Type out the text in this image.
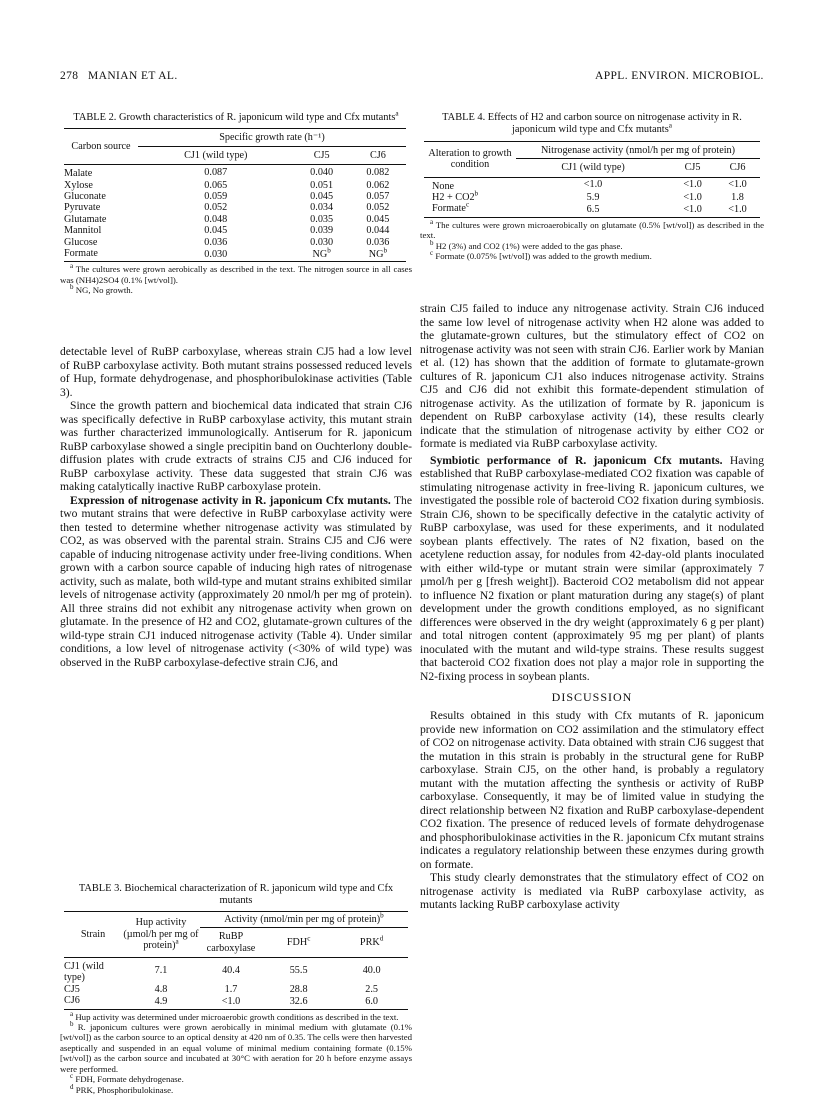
278 MANIAN ET AL.	APPL. ENVIRON. MICROBIOL.
TABLE 2. Growth characteristics of R. japonicum wild type and Cfx mutants$^a$
Carbon source	Specific growth rate (h⁻¹)		
	CJ1 (wild type)	CJ5	CJ6
Malate	0.087	0.040	0.082
Xylose	0.065	0.051	0.062
Gluconate	0.059	0.045	0.057
Pyruvate	0.052	0.034	0.052
Glutamate	0.048	0.035	0.045
Mannitol	0.045	0.039	0.044
Glucose	0.036	0.030	0.036
Formate	0.030	$NG^b$	$NG^b$

$^a$ The cultures were grown aerobically as described in the text. The nitrogen source in all cases was (NH4)2SO4 (0.1% [wt/vol]).
$^b$ NG, No growth.

detectable level of RuBP carboxylase, whereas strain CJ5 had a low level of RuBP carboxylase activity. Both mutant strains possessed reduced levels of Hup, formate dehydrogenase, and phosphoribulokinase activities (Table 3).

Since the growth pattern and biochemical data indicated that strain CJ6 was specifically defective in RuBP carboxylase activity, this mutant strain was further characterized immunologically. Antiserum for R. japonicum RuBP carboxylase showed a single precipitin band on Ouchterlony double-diffusion plates with crude extracts of strains CJ5 and CJ6 induced for RuBP carboxylase activity. These data suggested that strain CJ6 was making catalytically inactive RuBP carboxylase protein.

Expression of nitrogenase activity in R. japonicum Cfx mutants. The two mutant strains that were defective in RuBP carboxylase activity were then tested to determine whether nitrogenase activity was stimulated by CO2, as was observed with the parental strain. Strains CJ5 and CJ6 were capable of inducing nitrogenase activity under free-living conditions. When grown with a carbon source capable of inducing high rates of nitrogenase activity, such as malate, both wild-type and mutant strains exhibited similar levels of nitrogenase activity (approximately 20 nmol/h per mg of protein). All three strains did not exhibit any nitrogenase activity when grown on glutamate. In the presence of H2 and CO2, glutamate-grown cultures of the wild-type strain CJ1 induced nitrogenase activity (Table 4). Under similar conditions, a low level of nitrogenase activity (<30% of wild type) was observed in the RuBP carboxylase-defective strain CJ6, and

TABLE 3. Biochemical characterization of R. japonicum wild type and Cfx mutants
Strain	Hup activity (µmol/h per mg of protein)$^a$	Activity (nmol/min per mg of protein)$^b$
		RuBP carboxylase	FDH$^c$	PRK$^d$
CJ1 (wild type)	7.1	40.4	55.5	40.0
CJ5	4.8	1.7	28.8	2.5
CJ6	4.9	<1.0	32.6	6.0

$^a$ Hup activity was determined under microaerobic growth conditions as described in the text.
$^b$ R. japonicum cultures were grown aerobically in minimal medium with glutamate (0.1% [wt/vol]) as the carbon source to an optical density at 420 nm of 0.35. The cells were then harvested aseptically and suspended in an equal volume of minimal medium containing formate (0.15% [wt/vol]) as the carbon source and incubated at 30°C with aeration for 20 h before enzyme assays were performed.
$^c$ FDH, Formate dehydrogenase.
$^d$ PRK, Phosphoribulokinase.
TABLE 4. Effects of H2 and carbon source on nitrogenase activity in R. japonicum wild type and Cfx mutants$^a$
Alteration to growth condition	Nitrogenase activity (nmol/h per mg of protein)		
	CJ1 (wild type)	CJ5	CJ6
None	<1.0	<1.0	<1.0
$H2 + CO2^b$	5.9	<1.0	1.8
Formate$^c$	6.5	<1.0	<1.0

$^a$ The cultures were grown microaerobically on glutamate (0.5% [wt/vol]) as described in the text.
$^b$ H2 (3%) and CO2 (1%) were added to the gas phase.
$^c$ Formate (0.075% [wt/vol]) was added to the growth medium.

strain CJ5 failed to induce any nitrogenase activity. Strain CJ6 induced the same low level of nitrogenase activity when H2 alone was added to the glutamate-grown cultures, but the stimulatory effect of CO2 on nitrogenase activity was not seen with strain CJ6. Earlier work by Manian et al. (12) has shown that the addition of formate to glutamate-grown cultures of R. japonicum CJ1 also induces nitrogenase activity. Strains CJ5 and CJ6 did not exhibit this formate-dependent stimulation of nitrogenase activity. As the utilization of formate by R. japonicum is dependent on RuBP carboxylase activity (14), these results clearly indicate that the stimulation of nitrogenase activity by either CO2 or formate is mediated via RuBP carboxylase activity.

Symbiotic performance of R. japonicum Cfx mutants. Having established that RuBP carboxylase-mediated CO2 fixation was capable of stimulating nitrogenase activity in free-living R. japonicum cultures, we investigated the possible role of bacteroid CO2 fixation during symbiosis. Strain CJ6, shown to be specifically defective in the catalytic activity of RuBP carboxylase, was used for these experiments, and it nodulated soybean plants effectively. The rates of N2 fixation, based on the acetylene reduction assay, for nodules from 42-day-old plants inoculated with either wild-type or mutant strain were similar (approximately 7 µmol/h per g [fresh weight]). Bacteroid CO2 metabolism did not appear to influence N2 fixation or plant maturation during any stage(s) of plant development under the growth conditions employed, as no significant differences were observed in the dry weight (approximately 6 g per plant) and total nitrogen content (approximately 95 mg per plant) of plants inoculated with the mutant and wild-type strains. These results suggest that bacteroid CO2 fixation does not play a major role in supporting the N2-fixing process in soybean plants.

DISCUSSION

Results obtained in this study with Cfx mutants of R. japonicum provide new information on CO2 assimilation and the stimulatory effect of CO2 on nitrogenase activity. Data obtained with strain CJ6 suggest that the mutation in this strain is probably in the structural gene for RuBP carboxylase. Strain CJ5, on the other hand, is probably a regulatory mutant with the mutation affecting the synthesis or activity of RuBP carboxylase. Consequently, it may be of limited value in studying the direct relationship between N2 fixation and RuBP carboxylase-dependent CO2 fixation. The presence of reduced levels of formate dehydrogenase and phosphoribulokinase activities in the R. japonicum Cfx mutant strains indicates a regulatory relationship between these enzymes during growth on formate.

This study clearly demonstrates that the stimulatory effect of CO2 on nitrogenase activity is mediated via RuBP carboxylase activity, as mutants lacking RuBP carboxylase activity
